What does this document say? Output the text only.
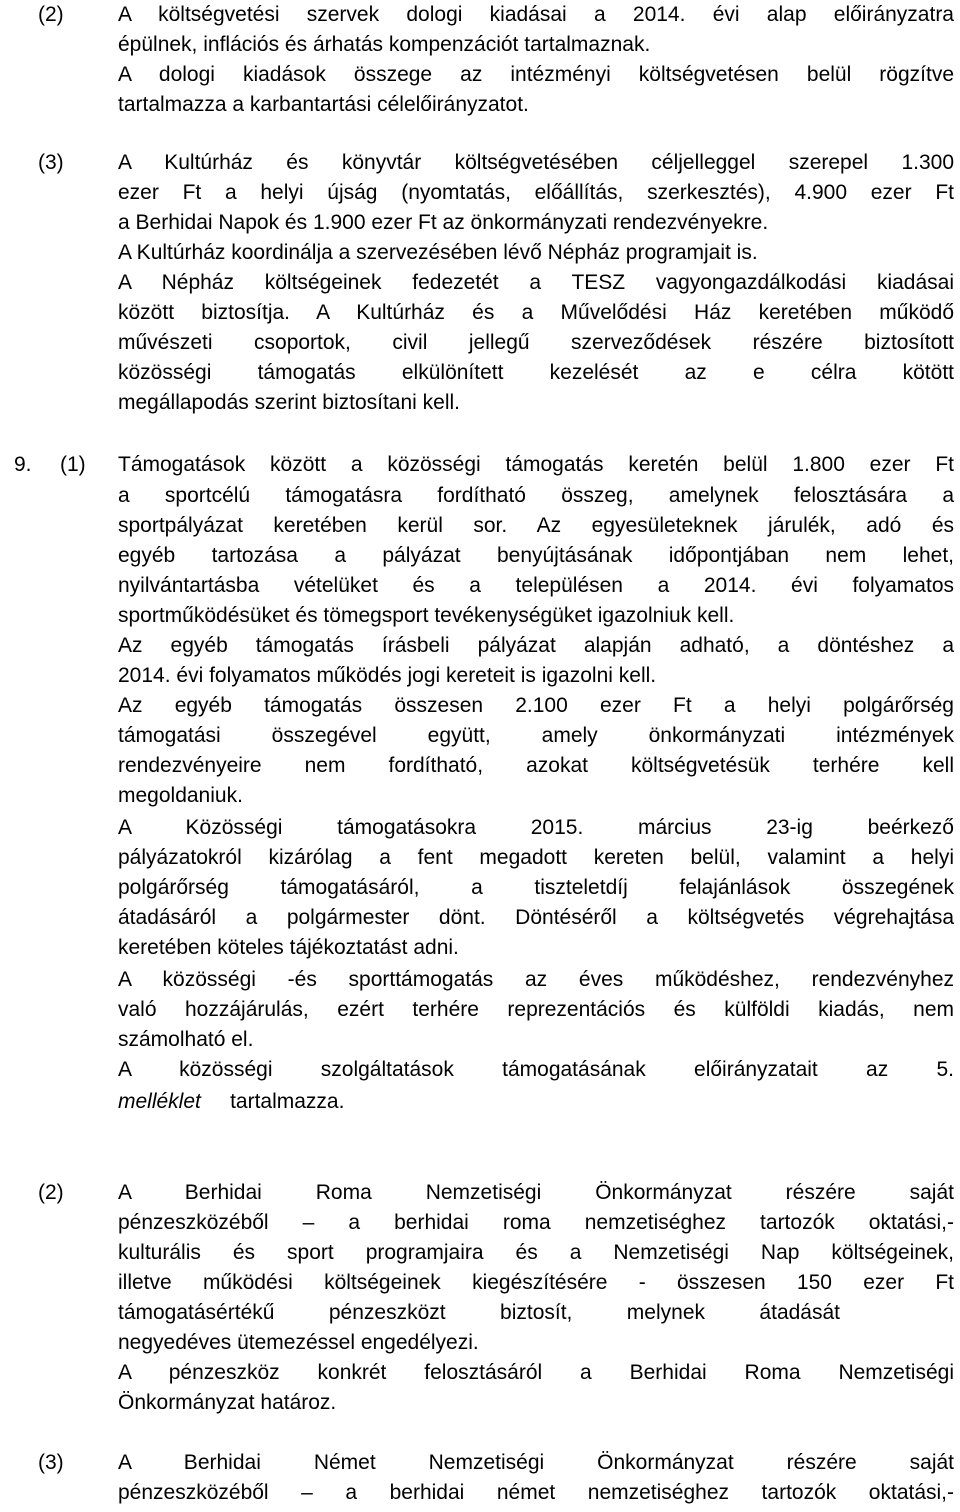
(2)	A költségvetési szervek dologi kiadásai a 2014. évi alap előirányzatra
épülnek, inflációs és árhatás kompenzációt tartalmaznak.
A dologi kiadások összege az intézményi költségvetésen belül rögzítve
tartalmazza a karbantartási célelőirányzatot.
(3)	A Kultúrház és könyvtár költségvetésében céljelleggel szerepel 1.300
ezer Ft a helyi újság (nyomtatás, előállítás, szerkesztés), 4.900 ezer Ft
a Berhidai Napok és 1.900 ezer Ft az önkormányzati rendezvényekre.
A Kultúrház koordinálja a szervezésében lévő Népház programjait is.
A Népház költségeinek fedezetét a TESZ vagyongazdálkodási kiadásai
között biztosítja. A Kultúrház és a Művelődési Ház keretében működő
művészeti csoportok, civil jellegű szerveződések részére biztosított
közösségi támogatás elkülönített kezelését az e célra kötött
megállapodás szerint biztosítani kell.
9. (1) Támogatások között a közösségi támogatás keretén belül 1.800 ezer Ft
a sportcélú támogatásra fordítható összeg, amelynek felosztására a
sportpályázat keretében kerül sor. Az egyesületeknek járulék, adó és
egyéb tartozása a pályázat benyújtásának időpontjában nem lehet,
nyilvántartásba vételüket és a településen a 2014. évi folyamatos
sportműködésüket és tömegsport tevékenységüket igazolniuk kell.
Az egyéb támogatás írásbeli pályázat alapján adható, a döntéshez a
2014. évi folyamatos működés jogi kereteit is igazolni kell.
Az egyéb támogatás összesen 2.100 ezer Ft a helyi polgárőrség
támogatási összegével együtt, amely önkormányzati intézmények
rendezvényeire nem fordítható, azokat költségvetésük terhére kell
megoldaniuk.
A Közösségi támogatásokra 2015. március 23-ig beérkező
pályázatokról kizárólag a fent megadott kereten belül, valamint a helyi
polgárőrség támogatásáról, a tiszteletdíj felajánlások összegének
átadásáról a polgármester dönt. Döntéséről a költségvetés végrehajtása
keretében köteles tájékoztatást adni.
A közösségi -és sporttámogatás az éves működéshez, rendezvényhez
való hozzájárulás, ezért terhére reprezentációs és külföldi kiadás, nem
számolható el.
A közösségi szolgáltatások támogatásának előirányzatait az 5.
melléklet tartalmazza.
(2)	A Berhidai Roma Nemzetiségi Önkormányzat részére saját
pénzeszközéből – a berhidai roma nemzetiséghez tartozók oktatási,-
kulturális és sport programjaira és a Nemzetiségi Nap költségeinek,
illetve működési költségeinek kiegészítésére - összesen 150 ezer Ft
támogatásértékű pénzeszközt biztosít, melynek átadását
negyedéves ütemezéssel engedélyezi.
A pénzeszköz konkrét felosztásáról a Berhidai Roma Nemzetiségi
Önkormányzat határoz.
(3)	A Berhidai Német Nemzetiségi Önkormányzat részére saját
pénzeszközéből – a berhidai német nemzetiséghez tartozók oktatási,-
